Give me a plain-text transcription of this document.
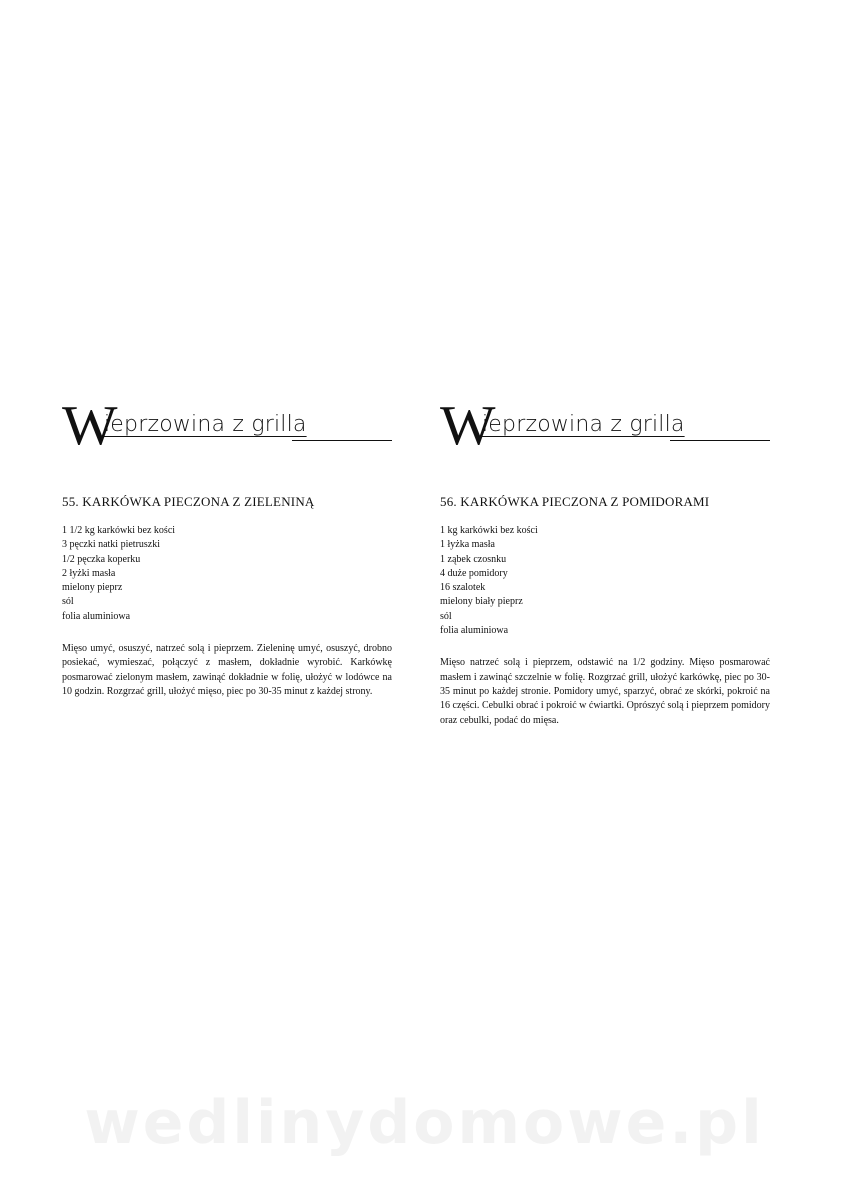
W
ieprzowina z grilla
55. KARKÓWKA PIECZONA Z ZIELENINĄ
1 1/2 kg karkówki bez kości
3 pęczki natki pietruszki
1/2 pęczka koperku
2 łyżki masła
mielony pieprz
sól
folia aluminiowa

Mięso umyć, osuszyć, natrzeć solą i pieprzem. Zieleninę umyć, osuszyć, drobno posiekać, wymieszać, połączyć z masłem, dokładnie wyrobić. Karkówkę posmarować zielonym masłem, zawinąć dokładnie w folię, ułożyć w lodówce na 10 godzin. Rozgrzać grill, ułożyć mięso, piec po 30-35 minut z każdej strony.

W
ieprzowina z grilla
56. KARKÓWKA PIECZONA Z POMIDORAMI
1 kg karkówki bez kości
1 łyżka masła
1 ząbek czosnku
4 duże pomidory
16 szalotek
mielony biały pieprz
sól
folia aluminiowa

Mięso natrzeć solą i pieprzem, odstawić na 1/2 godziny. Mięso posmarować masłem i zawinąć szczelnie w folię. Rozgrzać grill, ułożyć karkówkę, piec po 30-35 minut po każdej stronie. Pomidory umyć, sparzyć, obrać ze skórki, pokroić na 16 części. Cebulki obrać i pokroić w ćwiartki. Oprószyć solą i pieprzem pomidory oraz cebulki, podać do mięsa.

wedlinydomowe.pl
